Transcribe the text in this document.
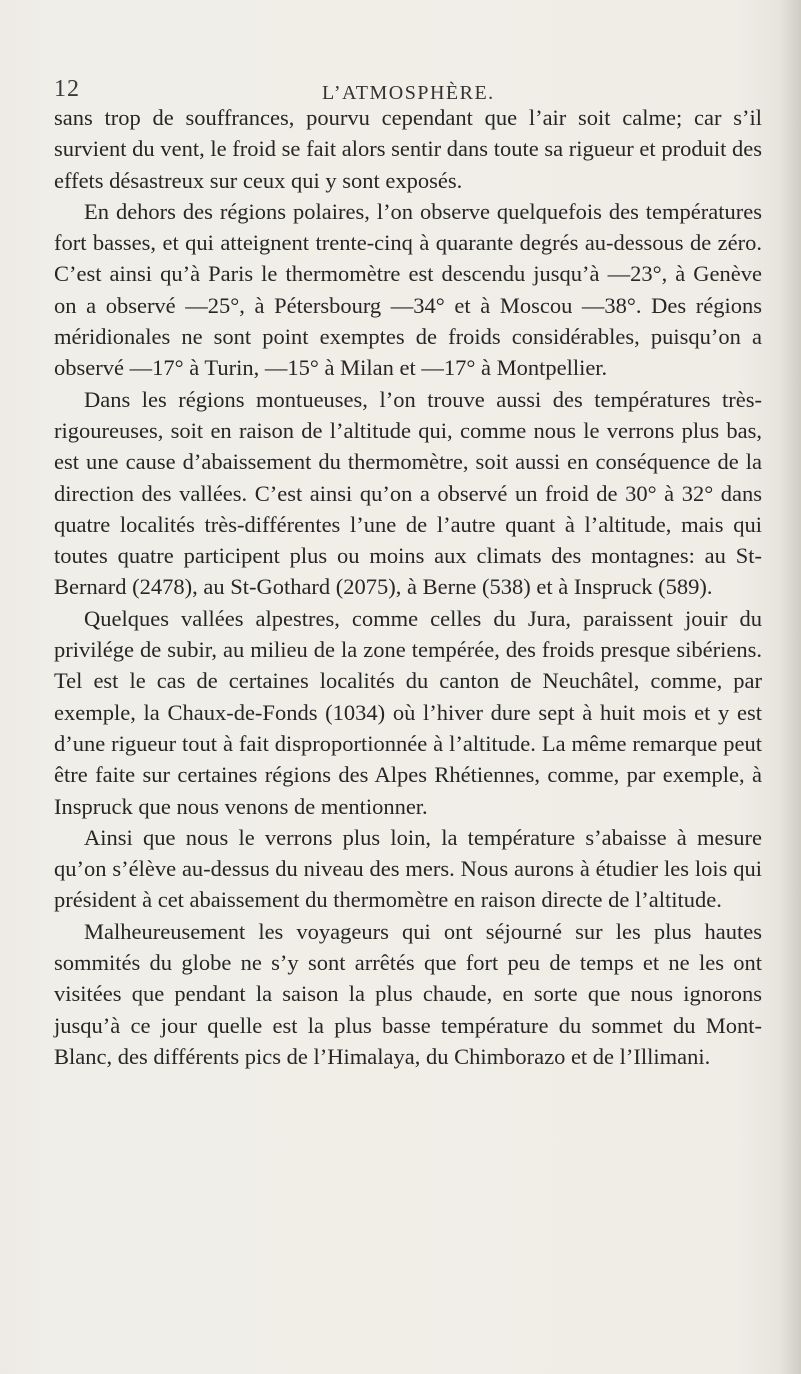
12	L’ATMOSPHÈRE.

sans trop de souffrances, pourvu cependant que l’air soit calme; car s’il survient du vent, le froid se fait alors sentir dans toute sa rigueur et produit des effets désastreux sur ceux qui y sont exposés.

En dehors des régions polaires, l’on observe quelquefois des températures fort basses, et qui atteignent trente-cinq à quarante degrés au-dessous de zéro. C’est ainsi qu’à Paris le thermomètre est descendu jusqu’à —23°, à Genève on a observé —25°, à Pétersbourg —34° et à Moscou —38°. Des régions méridionales ne sont point exemptes de froids considérables, puisqu’on a observé —17° à Turin, —15° à Milan et —17° à Montpellier.

Dans les régions montueuses, l’on trouve aussi des températures très-rigoureuses, soit en raison de l’altitude qui, comme nous le verrons plus bas, est une cause d’abaissement du thermomètre, soit aussi en conséquence de la direction des vallées. C’est ainsi qu’on a observé un froid de 30° à 32° dans quatre localités très-différentes l’une de l’autre quant à l’altitude, mais qui toutes quatre participent plus ou moins aux climats des montagnes: au St-Bernard (2478), au St-Gothard (2075), à Berne (538) et à Inspruck (589).

Quelques vallées alpestres, comme celles du Jura, paraissent jouir du privilége de subir, au milieu de la zone tempérée, des froids presque sibériens. Tel est le cas de certaines localités du canton de Neuchâtel, comme, par exemple, la Chaux-de-Fonds (1034) où l’hiver dure sept à huit mois et y est d’une rigueur tout à fait disproportionnée à l’altitude. La même remarque peut être faite sur certaines régions des Alpes Rhétiennes, comme, par exemple, à Inspruck que nous venons de mentionner.

Ainsi que nous le verrons plus loin, la température s’abaisse à mesure qu’on s’élève au-dessus du niveau des mers. Nous aurons à étudier les lois qui président à cet abaissement du thermomètre en raison directe de l’altitude.

Malheureusement les voyageurs qui ont séjourné sur les plus hautes sommités du globe ne s’y sont arrêtés que fort peu de temps et ne les ont visitées que pendant la saison la plus chaude, en sorte que nous ignorons jusqu’à ce jour quelle est la plus basse température du sommet du Mont-Blanc, des différents pics de l’Himalaya, du Chimborazo et de l’Illimani.
